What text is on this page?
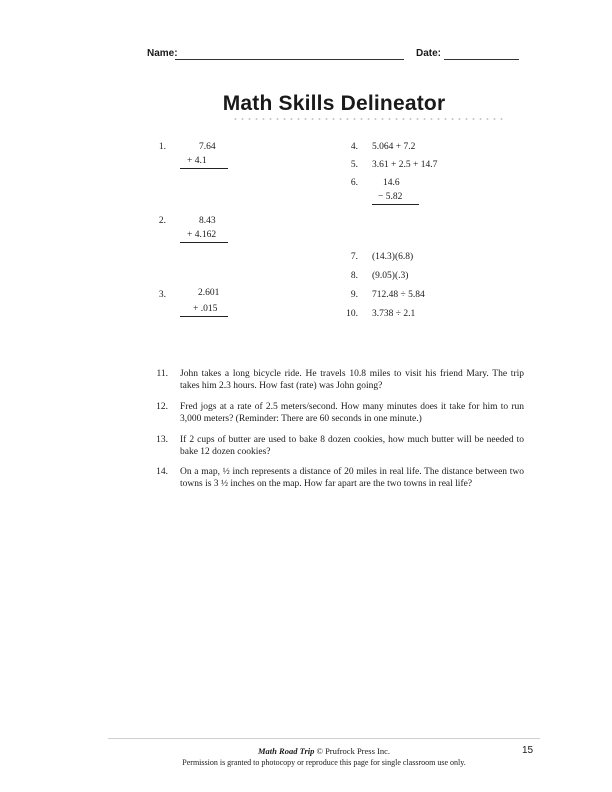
Name:	Date:
Math Skills Delineator
1.	7.64
+ 4.1
2.	8.43
+ 4.162
3.	2.601
+ .015
4. 5.064 + 7.2
5. 3.61 + 2.5 + 14.7
6.	14.6
− 5.82
7. (14.3)(6.8)
8. (9.05)(.3)
9. 712.48 ÷ 5.84
10. 3.738 ÷ 2.1
11. John takes a long bicycle ride. He travels 10.8 miles to visit his friend Mary. The trip takes him 2.3 hours. How fast (rate) was John going?
12. Fred jogs at a rate of 2.5 meters/second. How many minutes does it take for him to run 3,000 meters? (Reminder: There are 60 seconds in one minute.)
13. If 2 cups of butter are used to bake 8 dozen cookies, how much butter will be needed to bake 12 dozen cookies?
14. On a map, ½ inch represents a distance of 20 miles in real life. The distance between two towns is 3 ½ inches on the map. How far apart are the two towns in real life?
Math Road Trip © Prufrock Press Inc.
Permission is granted to photocopy or reproduce this page for single classroom use only.
15
